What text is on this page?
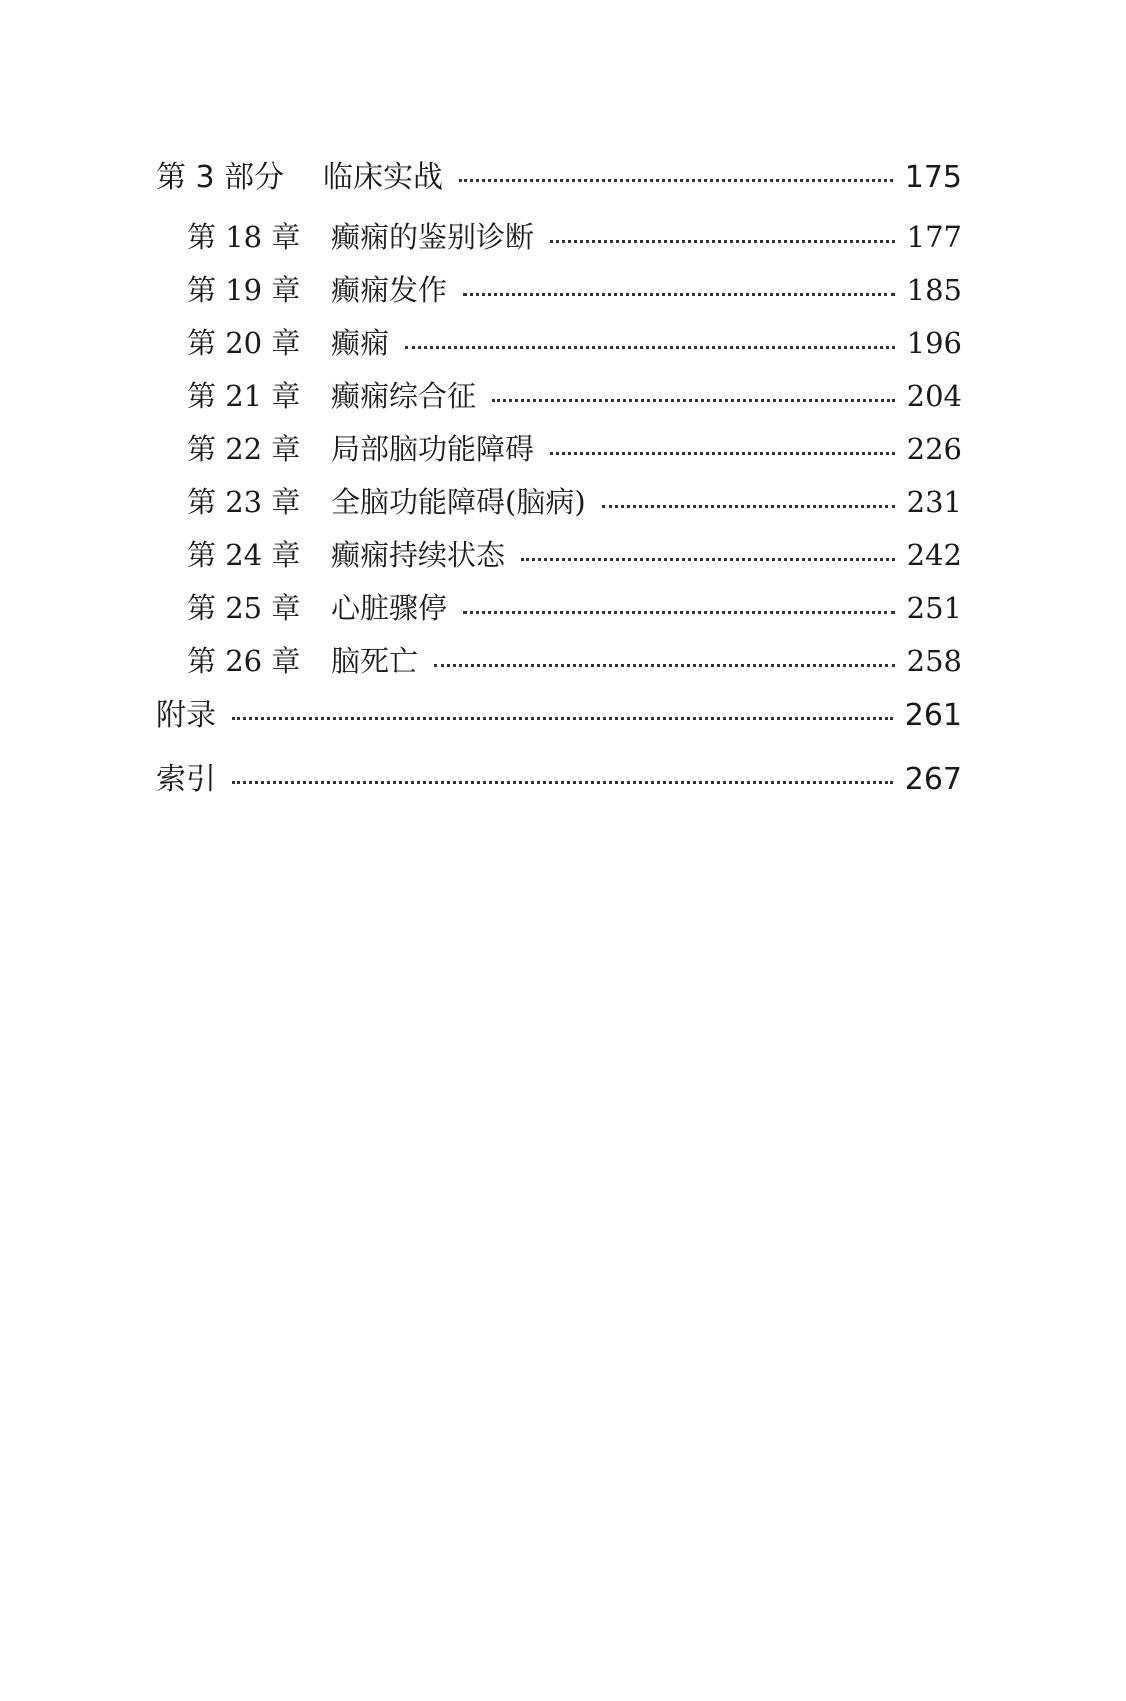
第 3 部分	临床实战	175
第 18 章	癫痫的鉴别诊断	177
第 19 章	癫痫发作	185
第 20 章	癫痫	196
第 21 章	癫痫综合征	204
第 22 章	局部脑功能障碍	226
第 23 章	全脑功能障碍(脑病)	231
第 24 章	癫痫持续状态	242
第 25 章	心脏骤停	251
第 26 章	脑死亡	258
附录	261
索引	267
